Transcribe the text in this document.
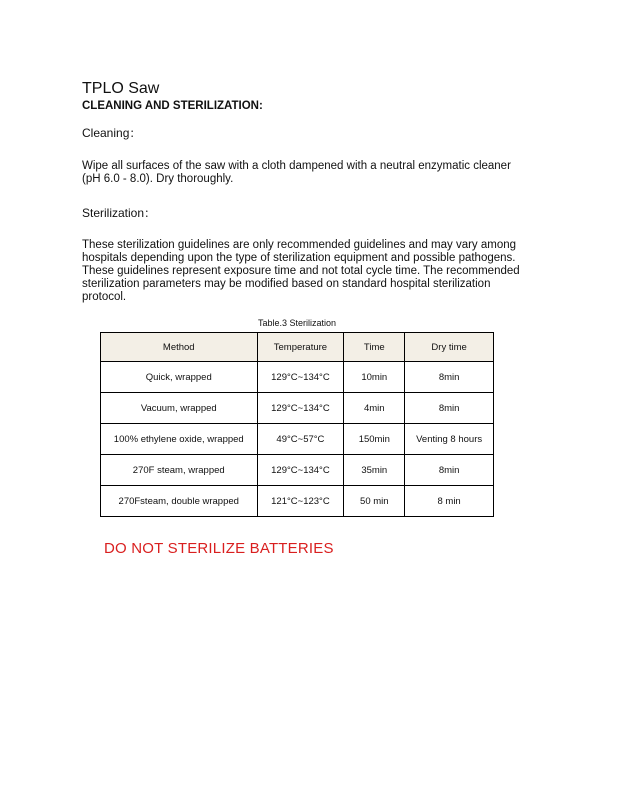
TPLO Saw
CLEANING AND STERILIZATION:
Cleaning：

Wipe all surfaces of the saw with a cloth dampened with a neutral enzymatic cleaner (pH 6.0 - 8.0). Dry thoroughly.

Sterilization：

These sterilization guidelines are only recommended guidelines and may vary among hospitals depending upon the type of sterilization equipment and possible pathogens. These guidelines represent exposure time and not total cycle time. The recommended sterilization parameters may be modified based on standard hospital sterilization protocol.

Table.3 Sterilization
Method	Temperature	Time	Dry time
Quick, wrapped	129°C~134°C	10min	8min
Vacuum, wrapped	129°C~134°C	4min	8min
100% ethylene oxide, wrapped	49°C~57°C	150min	Venting 8 hours
270F steam, wrapped	129°C~134°C	35min	8min
270Fsteam, double wrapped	121°C~123°C	50 min	8 min
DO NOT STERILIZE BATTERIES
